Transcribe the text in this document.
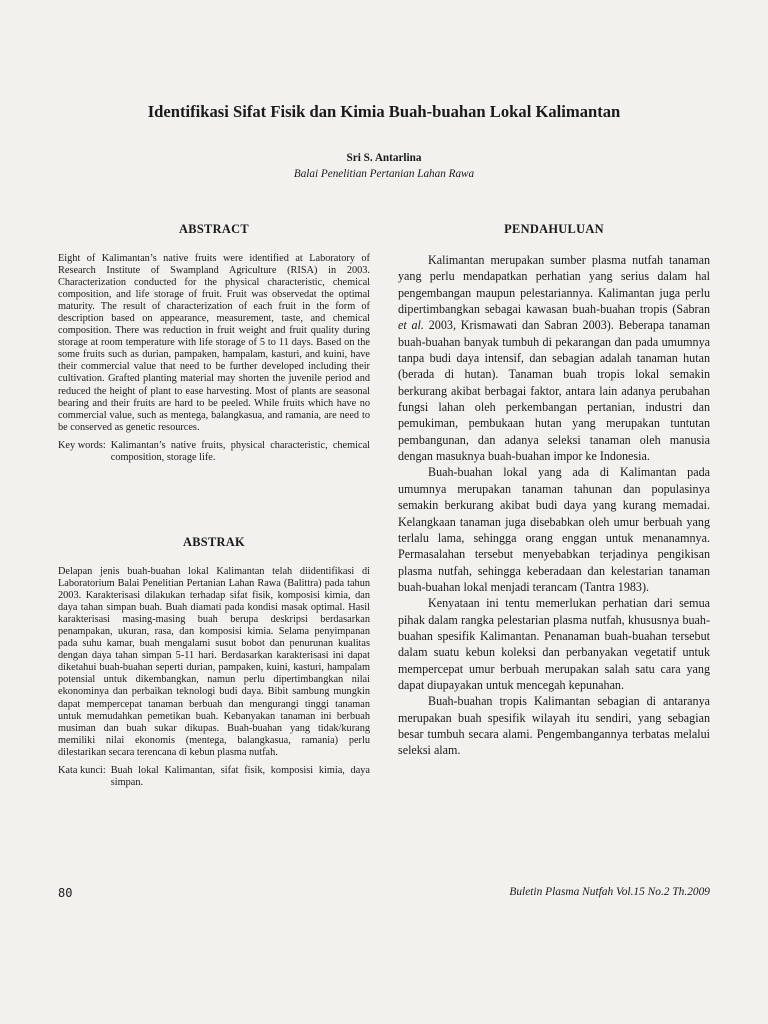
Identifikasi Sifat Fisik dan Kimia Buah-buahan Lokal Kalimantan
Sri S. Antarlina
Balai Penelitian Pertanian Lahan Rawa
ABSTRACT

Eight of Kalimantan’s native fruits were identified at Laboratory of Research Institute of Swampland Agriculture (RISA) in 2003. Characterization conducted for the physical characteristic, chemical composition, and life storage of fruit. Fruit was observedat the optimal maturity. The result of characterization of each fruit in the form of description based on appearance, measurement, taste, and chemical composition. There was reduction in fruit weight and fruit quality during storage at room temperature with life storage of 5 to 11 days. Based on the some fruits such as durian, pampaken, hampalam, kasturi, and kuini, have their commercial value that need to be further developed including their cultivation. Grafted planting material may shorten the juvenile period and reduced the height of plant to ease harvesting. Most of plants are seasonal bearing and their fruits are hard to be peeled. While fruits which have no commercial value, such as mentega, balangkasua, and ramania, are need to be conserved as genetic resources.

Key words: Kalimantan’s native fruits, physical characteristic, chemical composition, storage life.
ABSTRAK

Delapan jenis buah-buahan lokal Kalimantan telah diidentifikasi di Laboratorium Balai Penelitian Pertanian Lahan Rawa (Balittra) pada tahun 2003. Karakterisasi dilakukan terhadap sifat fisik, komposisi kimia, dan daya tahan simpan buah. Buah diamati pada kondisi masak optimal. Hasil karakterisasi masing-masing buah berupa deskripsi berdasarkan penampakan, ukuran, rasa, dan komposisi kimia. Selama penyimpanan pada suhu kamar, buah mengalami susut bobot dan penurunan kualitas dengan daya tahan simpan 5-11 hari. Berdasarkan karakterisasi ini dapat diketahui buah-buahan seperti durian, pampaken, kuini, kasturi, hampalam potensial untuk dikembangkan, namun perlu dipertimbangkan nilai ekonominya dan perbaikan teknologi budi daya. Bibit sambung mungkin dapat mempercepat tanaman berbuah dan mengurangi tinggi tanaman untuk memudahkan pemetikan buah. Kebanyakan tanaman ini berbuah musiman dan buah sukar dikupas. Buah-buahan yang tidak/kurang memiliki nilai ekonomis (mentega, balangkasua, ramania) perlu dilestarikan secara terencana di kebun plasma nutfah.

Kata kunci: Buah lokal Kalimantan, sifat fisik, komposisi kimia, daya simpan.
PENDAHULUAN

Kalimantan merupakan sumber plasma nutfah tanaman yang perlu mendapatkan perhatian yang serius dalam hal pengembangan maupun pelestariannya. Kalimantan juga perlu dipertimbangkan sebagai kawasan buah-buahan tropis (Sabran et al. 2003, Krismawati dan Sabran 2003). Beberapa tanaman buah-buahan banyak tumbuh di pekarangan dan pada umumnya tanpa budi daya intensif, dan sebagian adalah tanaman hutan (berada di hutan). Tanaman buah tropis lokal semakin berkurang akibat berbagai faktor, antara lain adanya perubahan fungsi lahan oleh perkembangan pertanian, industri dan pemukiman, pembukaan hutan yang merupakan tuntutan pembangunan, dan adanya seleksi tanaman oleh manusia dengan masuknya buah-buahan impor ke Indonesia.

Buah-buahan lokal yang ada di Kalimantan pada umumnya merupakan tanaman tahunan dan populasinya semakin berkurang akibat budi daya yang kurang memadai. Kelangkaan tanaman juga disebabkan oleh umur berbuah yang terlalu lama, sehingga orang enggan untuk menanamnya. Permasalahan tersebut menyebabkan terjadinya pengikisan plasma nutfah, sehingga keberadaan dan kelestarian tanaman buah-buahan lokal menjadi terancam (Tantra 1983).

Kenyataan ini tentu memerlukan perhatian dari semua pihak dalam rangka pelestarian plasma nutfah, khususnya buah-buahan spesifik Kalimantan. Penanaman buah-buahan tersebut dalam suatu kebun koleksi dan perbanyakan vegetatif untuk mempercepat umur berbuah merupakan salah satu cara yang dapat diupayakan untuk mencegah kepunahan.

Buah-buahan tropis Kalimantan sebagian di antaranya merupakan buah spesifik wilayah itu sendiri, yang sebagian besar tumbuh secara alami. Pengembangannya terbatas melalui seleksi alam.

80	Buletin Plasma Nutfah Vol.15 No.2 Th.2009
